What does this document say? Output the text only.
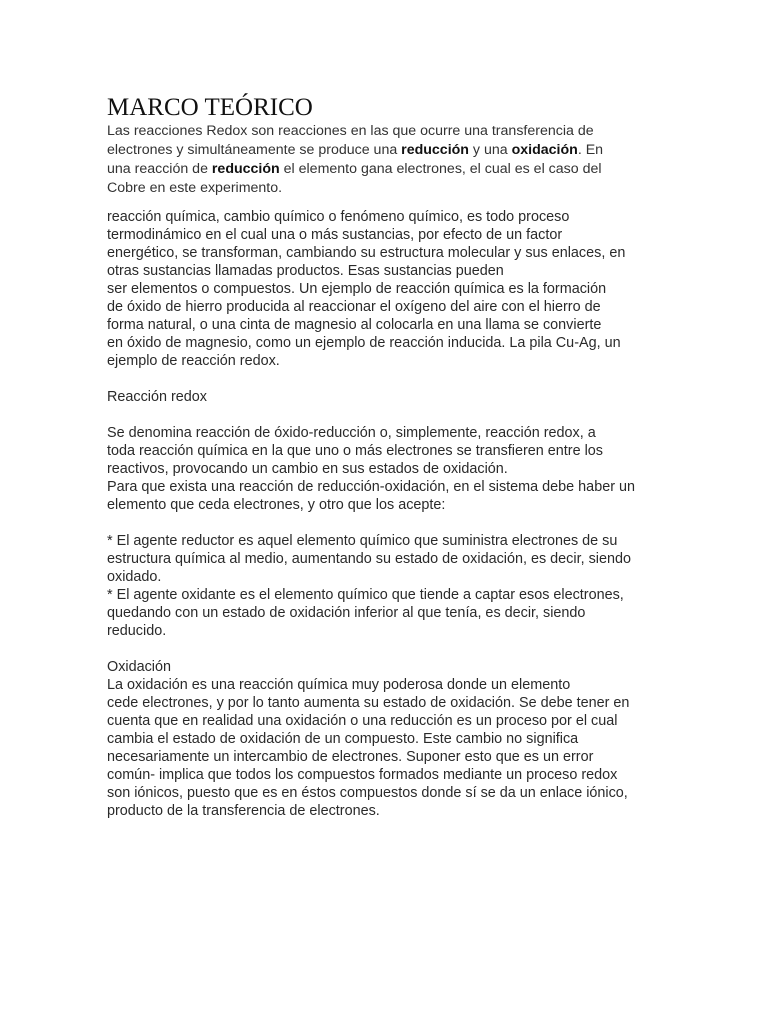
MARCO TEÓRICO
Las reacciones Redox son reacciones en las que ocurre una transferencia de
electrones y simultáneamente se produce una reducción y una oxidación. En
una reacción de reducción el elemento gana electrones, el cual es el caso del
Cobre en este experimento.
reacción química, cambio químico o fenómeno químico, es todo proceso
termodinámico en el cual una o más sustancias, por efecto de un factor
energético, se transforman, cambiando su estructura molecular y sus enlaces, en
otras sustancias llamadas productos. Esas sustancias pueden
ser elementos o compuestos. Un ejemplo de reacción química es la formación
de óxido de hierro producida al reaccionar el oxígeno del aire con el hierro de
forma natural, o una cinta de magnesio al colocarla en una llama se convierte
en óxido de magnesio, como un ejemplo de reacción inducida. La pila Cu-Ag, un
ejemplo de reacción redox.
Reacción redox
Se denomina reacción de óxido-reducción o, simplemente, reacción redox, a
toda reacción química en la que uno o más electrones se transfieren entre los
reactivos, provocando un cambio en sus estados de oxidación.
Para que exista una reacción de reducción-oxidación, en el sistema debe haber un
elemento que ceda electrones, y otro que los acepte:
* El agente reductor es aquel elemento químico que suministra electrones de su
estructura química al medio, aumentando su estado de oxidación, es decir, siendo
oxidado.
* El agente oxidante es el elemento químico que tiende a captar esos electrones,
quedando con un estado de oxidación inferior al que tenía, es decir, siendo
reducido.
Oxidación
La oxidación es una reacción química muy poderosa donde un elemento
cede electrones, y por lo tanto aumenta su estado de oxidación. Se debe tener en
cuenta que en realidad una oxidación o una reducción es un proceso por el cual
cambia el estado de oxidación de un compuesto. Este cambio no significa
necesariamente un intercambio de electrones. Suponer esto que es un error
común- implica que todos los compuestos formados mediante un proceso redox
son iónicos, puesto que es en éstos compuestos donde sí se da un enlace iónico,
producto de la transferencia de electrones.
